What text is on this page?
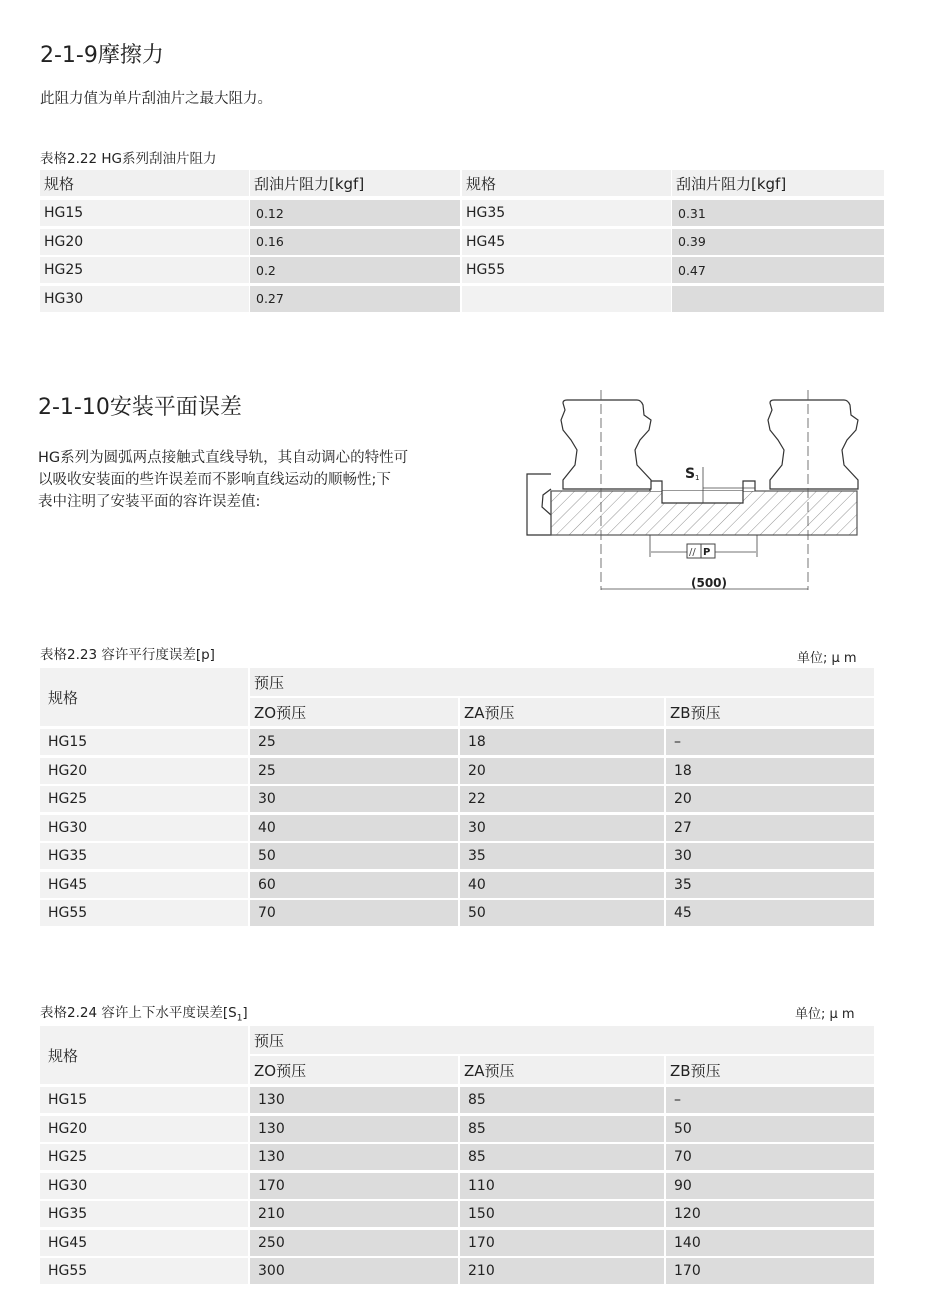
2-1-9摩擦力
此阻力值为单片刮油片之最大阻力。
表格2.22 HG系列刮油片阻力
规格	刮油片阻力[kgf]	规格	刮油片阻力[kgf]
HG15	0.12	HG35	0.31
HG20	0.16	HG45	0.39
HG25	0.2	HG55	0.47
HG30	0.27
2-1-10安装平面误差
HG系列为圆弧两点接触式直线导轨，其自动调心的特性可
以吸收安装面的些许误差而不影响直线运动的顺畅性;下
表中注明了安装平面的容许误差值:
// P
S 1
(500)
表格2.23 容许平行度误差[p]	单位; μ m
规格
预压
ZO预压	ZA预压	ZB预压
HG15	25	18	–
HG20	25	20	18
HG25	30	22	20
HG30	40	30	27
HG35	50	35	30
HG45	60	40	35
HG55	70	50	45
表格2.24 容许上下水平度误差$[S_1]$	单位; μ m
规格
预压
ZO预压	ZA预压	ZB预压
HG15	130	85	–
HG20	130	85	50
HG25	130	85	70
HG30	170	110	90
HG35	210	150	120
HG45	250	170	140
HG55	300	210	170
